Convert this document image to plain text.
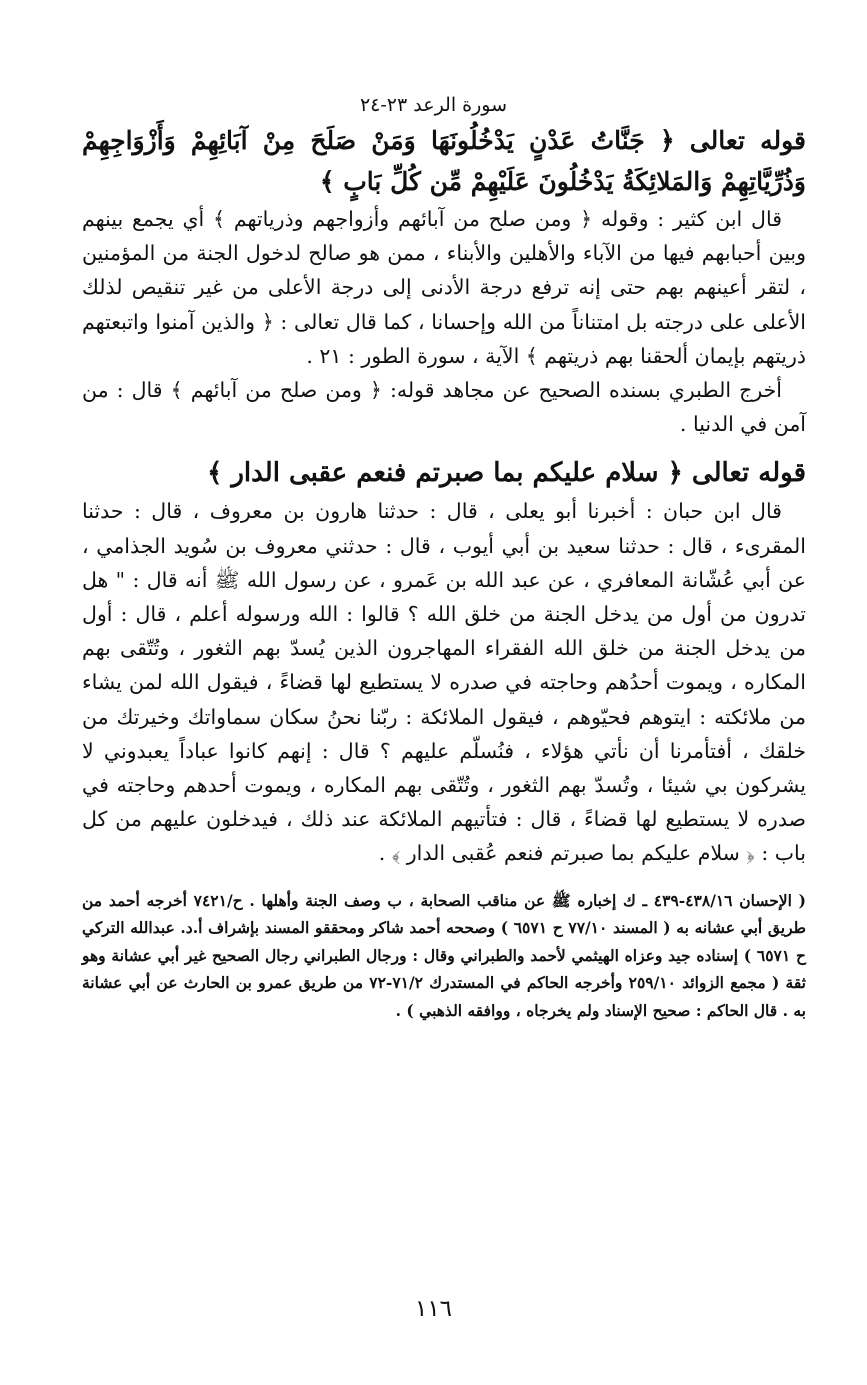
سورة الرعد ٢٣-٢٤

قوله تعالى ﴿ جَنَّاتُ عَدْنٍ يَدْخُلُونَهَا وَمَنْ صَلَحَ مِنْ آبَائِهِمْ وَأَزْوَاجِهِمْ وَذُرِّيَّاتِهِمْ وَالمَلائِكَةُ يَدْخُلُونَ عَلَيْهِمْ مِّن كُلِّ بَابٍ ﴾

قال ابن كثير : وقوله ﴿ ومن صلح من آبائهم وأزواجهم وذرياتهم ﴾ أي يجمع بينهم وبين أحبابهم فيها من الآباء والأهلين والأبناء ، ممن هو صالح لدخول الجنة من المؤمنين ، لتقر أعينهم بهم حتى إنه ترفع درجة الأدنى إلى درجة الأعلى من غير تنقيص لذلك الأعلى على درجته بل امتناناً من الله وإحسانا ، كما قال تعالى : ﴿ والذين آمنوا واتبعتهم ذريتهم بإيمان ألحقنا بهم ذريتهم ﴾ الآية ، سورة الطور : ٢١ .

أخرج الطبري بسنده الصحيح عن مجاهد قوله: ﴿ ومن صلح من آبائهم ﴾ قال : من آمن في الدنيا .

قوله تعالى ﴿ سلام عليكم بما صبرتم فنعم عقبى الدار ﴾

قال ابن حبان : أخبرنا أبو يعلى ، قال : حدثنا هارون بن معروف ، قال : حدثنا المقرىء ، قال : حدثنا سعيد بن أبي أيوب ، قال : حدثني معروف بن سُويد الجذامي ، عن أبي عُشّانة المعافري ، عن عبد الله بن عَمرو ، عن رسول الله ﷺ أنه قال : " هل تدرون من أول من يدخل الجنة من خلق الله ؟ قالوا : الله ورسوله أعلم ، قال : أول من يدخل الجنة من خلق الله الفقراء المهاجرون الذين يُسدّ بهم الثغور ، وتُتّقى بهم المكاره ، ويموت أحدُهم وحاجته في صدره لا يستطيع لها قضاءً ، فيقول الله لمن يشاء من ملائكته : ايتوهم فحيّوهم ، فيقول الملائكة : ربّنا نحنُ سكان سماواتك وخيرتك من خلقك ، أفتأمرنا أن نأتي هؤلاء ، فنُسلّم عليهم ؟ قال : إنهم كانوا عباداً يعبدوني لا يشركون بي شيئا ، وتُسدّ بهم الثغور ، وتُتّقى بهم المكاره ، ويموت أحدهم وحاجته في صدره لا يستطيع لها قضاءً ، قال : فتأتيهم الملائكة عند ذلك ، فيدخلون عليهم من كل باب : ﴿ سلام عليكم بما صبرتم فنعم عُقبى الدار ﴾ .

( الإحسان ٤٣٨/١٦-٤٣٩ ـ ك إخباره ﷺ عن مناقب الصحابة ، ب وصف الجنة وأهلها . ح/٧٤٢١ أخرجه أحمد من طريق أبي عشانه به ( المسند ٧٧/١٠ ح ٦٥٧١ ) وصححه أحمد شاكر ومحققو المسند بإشراف أ.د. عبدالله التركي ح ٦٥٧١ ) إسناده جيد وعزاه الهيثمي لأحمد والطبراني وقال : ورجال الطبراني رجال الصحيح غير أبي عشانة وهو ثقة ( مجمع الزوائد ٢٥٩/١٠ وأخرجه الحاكم في المستدرك ٧١/٢-٧٢ من طريق عمرو بن الحارث عن أبي عشانة به . قال الحاكم : صحيح الإسناد ولم يخرجاه ، ووافقه الذهبي ) .

١١٦
